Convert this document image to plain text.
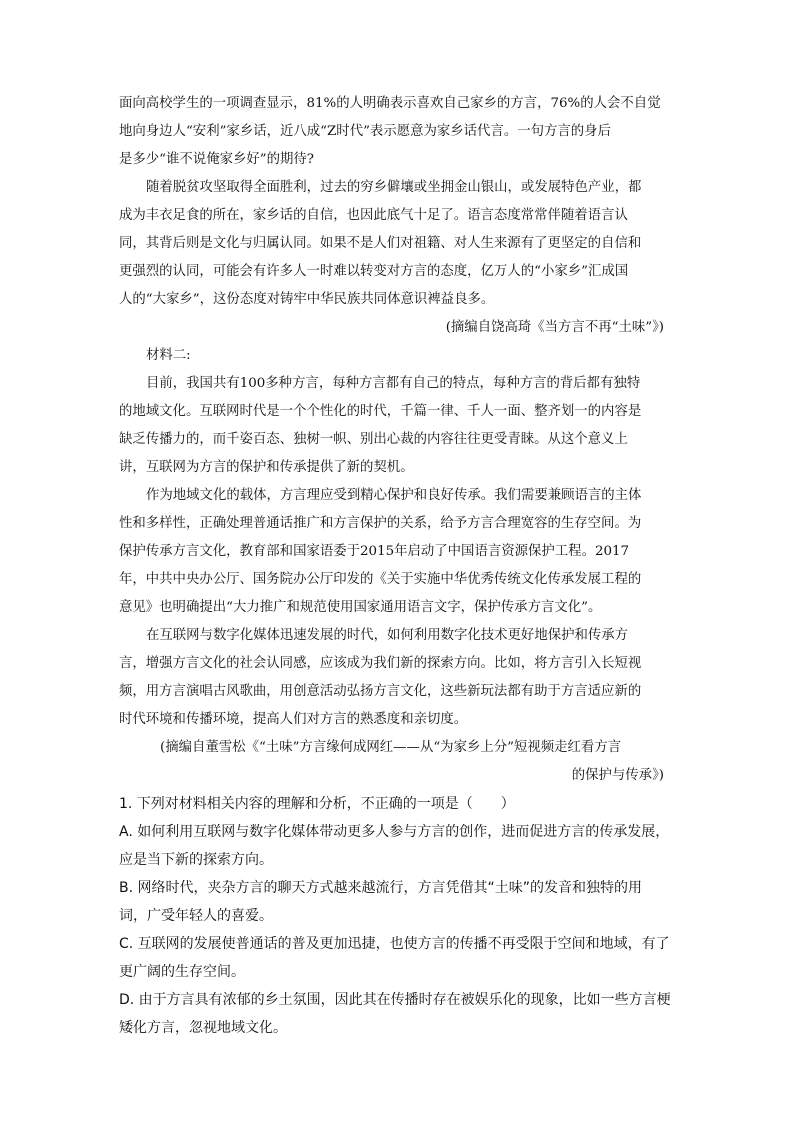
面向高校学生的一项调查显示，81%的人明确表示喜欢自己家乡的方言，76%的人会不自觉
地向身边人“安利”家乡话，近八成“Z时代”表示愿意为家乡话代言。一句方言的身后
是多少“谁不说俺家乡好”的期待?
随着脱贫攻坚取得全面胜利，过去的穷乡僻壤或坐拥金山银山，或发展特色产业，都
成为丰衣足食的所在，家乡话的自信，也因此底气十足了。语言态度常常伴随着语言认
同，其背后则是文化与归属认同。如果不是人们对祖籍、对人生来源有了更坚定的自信和
更强烈的认同，可能会有许多人一时难以转变对方言的态度，亿万人的“小家乡”汇成国
人的“大家乡”，这份态度对铸牢中华民族共同体意识裨益良多。
(摘编自饶高琦《当方言不再“土味”》)
材料二:
目前，我国共有100多种方言，每种方言都有自己的特点，每种方言的背后都有独特
的地域文化。互联网时代是一个个性化的时代，千篇一律、千人一面、整齐划一的内容是
缺乏传播力的，而千姿百态、独树一帜、别出心裁的内容往往更受青睐。从这个意义上
讲，互联网为方言的保护和传承提供了新的契机。
作为地域文化的载体，方言理应受到精心保护和良好传承。我们需要兼顾语言的主体
性和多样性，正确处理普通话推广和方言保护的关系，给予方言合理宽容的生存空间。为
保护传承方言文化，教育部和国家语委于2015年启动了中国语言资源保护工程。2017
年，中共中央办公厅、国务院办公厅印发的《关于实施中华优秀传统文化传承发展工程的
意见》也明确提出“大力推广和规范使用国家通用语言文字，保护传承方言文化”。
在互联网与数字化媒体迅速发展的时代，如何利用数字化技术更好地保护和传承方
言，增强方言文化的社会认同感，应该成为我们新的探索方向。比如，将方言引入长短视
频，用方言演唱古风歌曲，用创意活动弘扬方言文化，这些新玩法都有助于方言适应新的
时代环境和传播环境，提高人们对方言的熟悉度和亲切度。
(摘编自董雪松《“土味”方言缘何成网红——从“为家乡上分”短视频走红看方言
的保护与传承》)
1. 下列对材料相关内容的理解和分析，不正确的一项是（　　）
A. 如何利用互联网与数字化媒体带动更多人参与方言的创作，进而促进方言的传承发展，
应是当下新的探索方向。
B. 网络时代，夹杂方言的聊天方式越来越流行，方言凭借其“土味”的发音和独特的用
词，广受年轻人的喜爱。
C. 互联网的发展使普通话的普及更加迅捷，也使方言的传播不再受限于空间和地域，有了
更广阔的生存空间。
D. 由于方言具有浓郁的乡土氛围，因此其在传播时存在被娱乐化的现象，比如一些方言梗
矮化方言，忽视地域文化。
